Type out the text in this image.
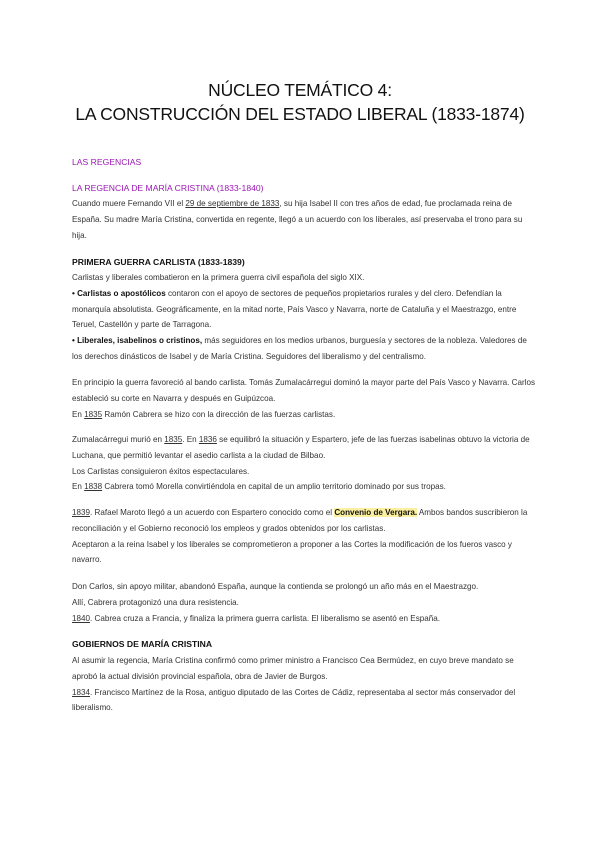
NÚCLEO TEMÁTICO 4:
LA CONSTRUCCIÓN DEL ESTADO LIBERAL (1833-1874)
LAS REGENCIAS
LA REGENCIA DE MARÍA CRISTINA (1833-1840)
Cuando muere Fernando VII el 29 de septiembre de 1833, su hija Isabel II con tres años de edad, fue proclamada reina de España. Su madre María Cristina, convertida en regente, llegó a un acuerdo con los liberales, así preservaba el trono para su hija.
PRIMERA GUERRA CARLISTA (1833-1839)
Carlistas y liberales combatieron en la primera guerra civil española del siglo XIX.
• Carlistas o apostólicos contaron con el apoyo de sectores de pequeños propietarios rurales y del clero. Defendían la monarquía absolutista. Geográficamente, en la mitad norte, País Vasco y Navarra, norte de Cataluña y el Maestrazgo, entre Teruel, Castellón y parte de Tarragona.
• Liberales, isabelinos o cristinos, más seguidores en los medios urbanos, burguesía y sectores de la nobleza. Valedores de los derechos dinásticos de Isabel y de María Cristina. Seguidores del liberalismo y del centralismo.
En principio la guerra favoreció al bando carlista. Tomás Zumalacárregui dominó la mayor parte del País Vasco y Navarra. Carlos estableció su corte en Navarra y después en Guipúzcoa.
En 1835 Ramón Cabrera se hizo con la dirección de las fuerzas carlistas.
Zumalacárregui murió en 1835. En 1836 se equilibró la situación y Espartero, jefe de las fuerzas isabelinas obtuvo la victoria de Luchana, que permitió levantar el asedio carlista a la ciudad de Bilbao.
Los Carlistas consiguieron éxitos espectaculares.
En 1838 Cabrera tomó Morella convirtiéndola en capital de un amplio territorio dominado por sus tropas.
1839. Rafael Maroto llegó a un acuerdo con Espartero conocido como el Convenio de Vergara. Ambos bandos suscribieron la reconciliación y el Gobierno reconoció los empleos y grados obtenidos por los carlistas.
Aceptaron a la reina Isabel y los liberales se comprometieron a proponer a las Cortes la modificación de los fueros vasco y navarro.
Don Carlos, sin apoyo militar, abandonó España, aunque la contienda se prolongó un año más en el Maestrazgo.
Allí, Cabrera protagonizó una dura resistencia.
1840. Cabrea cruza a Francia, y finaliza la primera guerra carlista. El liberalismo se asentó en España.
GOBIERNOS DE MARÍA CRISTINA
Al asumir la regencia, María Cristina confirmó como primer ministro a Francisco Cea Bermúdez, en cuyo breve mandato se aprobó la actual división provincial española, obra de Javier de Burgos.
1834. Francisco Martínez de la Rosa, antiguo diputado de las Cortes de Cádiz, representaba al sector más conservador del liberalismo.
